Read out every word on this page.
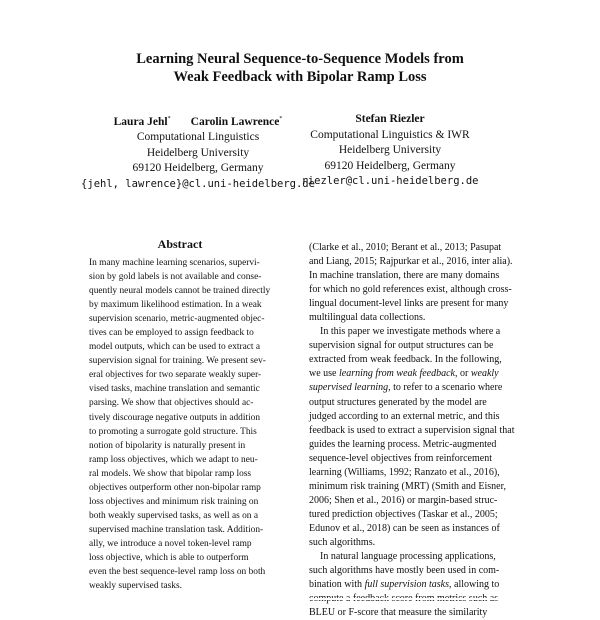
Learning Neural Sequence-to-Sequence Models from
Weak Feedback with Bipolar Ramp Loss
Laura Jehl* Carolin Lawrence*
Computational Linguistics
Heidelberg University
69120 Heidelberg, Germany
{jehl, lawrence}@cl.uni-heidelberg.de
Stefan Riezler
Computational Linguistics & IWR
Heidelberg University
69120 Heidelberg, Germany
riezler@cl.uni-heidelberg.de
Abstract
In many machine learning scenarios, supervi-
sion by gold labels is not available and conse-
quently neural models cannot be trained directly
by maximum likelihood estimation. In a weak
supervision scenario, metric-augmented objec-
tives can be employed to assign feedback to
model outputs, which can be used to extract a
supervision signal for training. We present sev-
eral objectives for two separate weakly super-
vised tasks, machine translation and semantic
parsing. We show that objectives should ac-
tively discourage negative outputs in addition
to promoting a surrogate gold structure. This
notion of bipolarity is naturally present in
ramp loss objectives, which we adapt to neu-
ral models. We show that bipolar ramp loss
objectives outperform other non-bipolar ramp
loss objectives and minimum risk training on
both weakly supervised tasks, as well as on a
supervised machine translation task. Addition-
ally, we introduce a novel token-level ramp
loss objective, which is able to outperform
even the best sequence-level ramp loss on both
weakly supervised tasks.
(Clarke et al., 2010; Berant et al., 2013; Pasupat
and Liang, 2015; Rajpurkar et al., 2016, inter alia).
In machine translation, there are many domains
for which no gold references exist, although cross-
lingual document-level links are present for many
multilingual data collections.
In this paper we investigate methods where a
supervision signal for output structures can be
extracted from weak feedback. In the following,
we use learning from weak feedback, or weakly
supervised learning, to refer to a scenario where
output structures generated by the model are
judged according to an external metric, and this
feedback is used to extract a supervision signal that
guides the learning process. Metric-augmented
sequence-level objectives from reinforcement
learning (Williams, 1992; Ranzato et al., 2016),
minimum risk training (MRT) (Smith and Eisner,
2006; Shen et al., 2016) or margin-based struc-
tured prediction objectives (Taskar et al., 2005;
Edunov et al., 2018) can be seen as instances of
such algorithms.
In natural language processing applications,
such algorithms have mostly been used in com-
bination with full supervision tasks, allowing to
BLEU or F-score that measure the similarity
